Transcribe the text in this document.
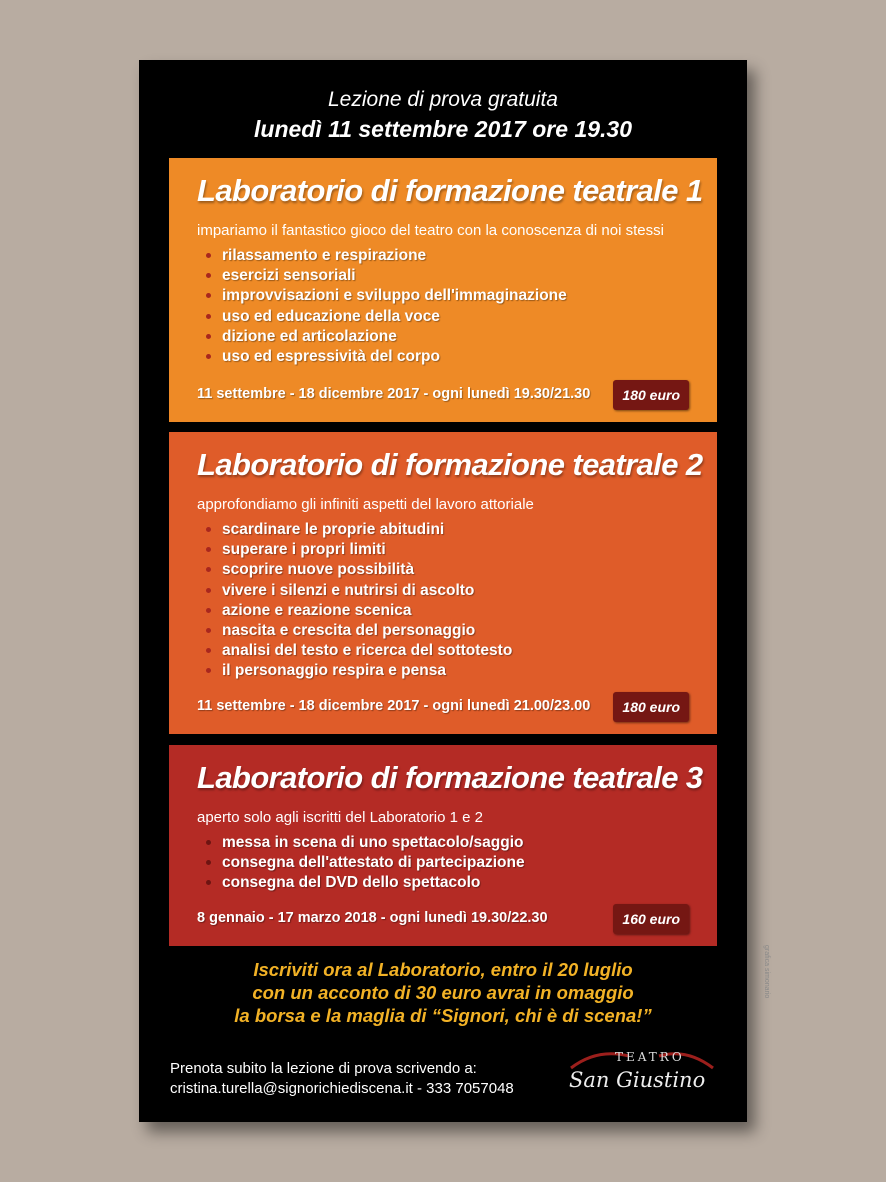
Lezione di prova gratuita
lunedì 11 settembre 2017 ore 19.30
Laboratorio di formazione teatrale 1
impariamo il fantastico gioco del teatro con la conoscenza di noi stessi
rilassamento e respirazione
esercizi sensoriali
improvvisazioni e sviluppo dell'immaginazione
uso ed educazione della voce
dizione ed articolazione
uso ed espressività del corpo
11 settembre - 18 dicembre 2017 - ogni lunedì 19.30/21.30	180 euro
Laboratorio di formazione teatrale 2
approfondiamo gli infiniti aspetti del lavoro attoriale
scardinare le proprie abitudini
superare i propri limiti
scoprire nuove possibilità
vivere i silenzi e nutrirsi di ascolto
azione e reazione scenica
nascita e crescita del personaggio
analisi del testo e ricerca del sottotesto
il personaggio respira e pensa
11 settembre - 18 dicembre 2017 - ogni lunedì 21.00/23.00	180 euro
Laboratorio di formazione teatrale 3
aperto solo agli iscritti del Laboratorio 1 e 2
messa in scena di uno spettacolo/saggio
consegna dell'attestato di partecipazione
consegna del DVD dello spettacolo
8 gennaio - 17 marzo 2018 - ogni lunedì 19.30/22.30	160 euro
grafica simonario
Iscriviti ora al Laboratorio, entro il 20 luglio
con un acconto di 30 euro avrai in omaggio
la borsa e la maglia di “Signori, chi è di scena!”
Prenota subito la lezione di prova scrivendo a:
cristina.turella@signorichiediscena.it - 333 7057048
TEATRO
San Giustino
